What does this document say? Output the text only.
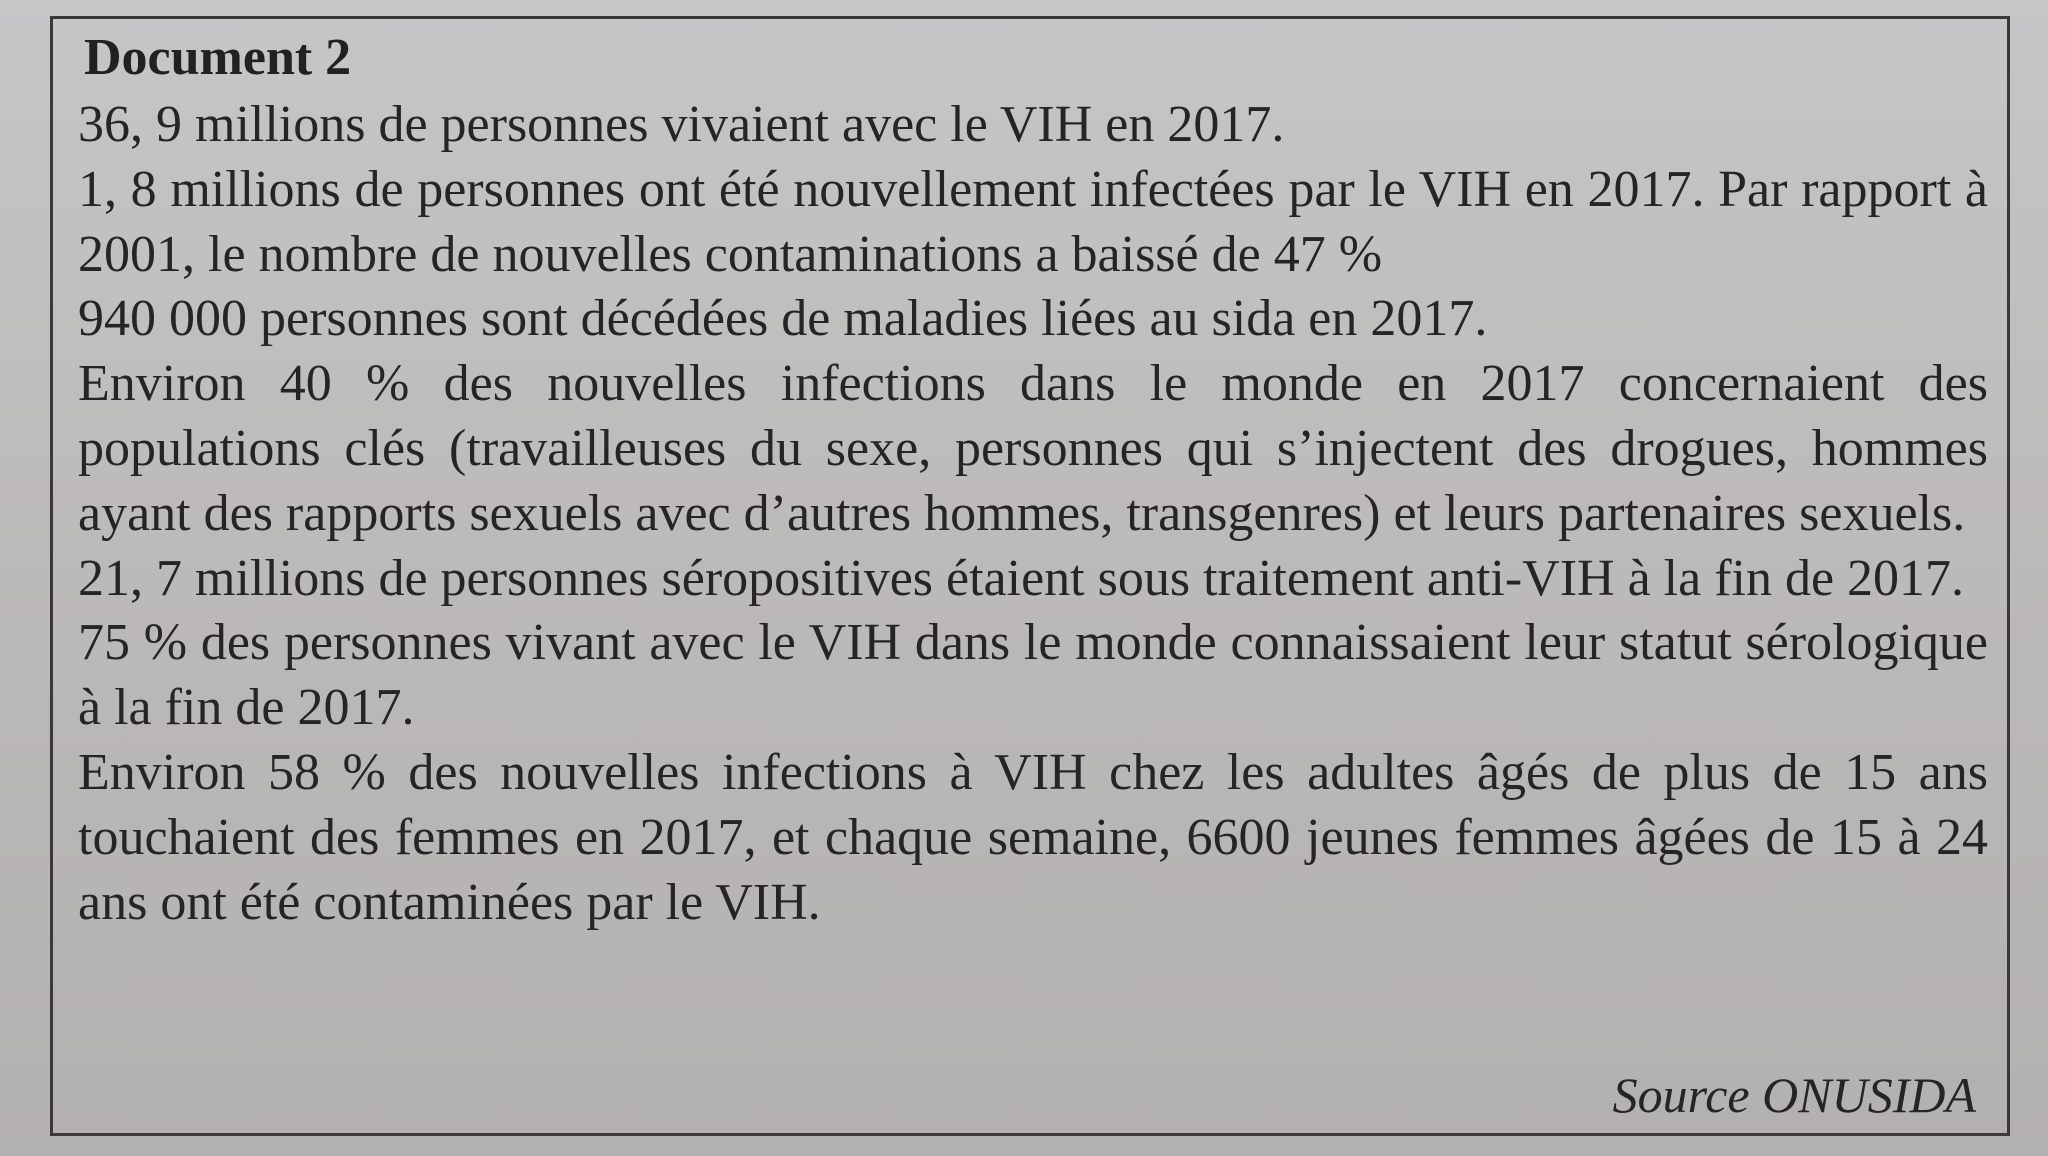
Document 2

36, 9 millions de personnes vivaient avec le VIH en 2017.

1, 8 millions de personnes ont été nouvellement infectées par le VIH en 2017. Par rapport à 2001, le nombre de nouvelles contaminations a baissé de 47 %

940 000 personnes sont décédées de maladies liées au sida en 2017.

Environ 40 % des nouvelles infections dans le monde en 2017 concernaient des populations clés (travailleuses du sexe, personnes qui s’injectent des drogues, hommes ayant des rapports sexuels avec d’autres hommes, transgenres) et leurs partenaires sexuels.

21, 7 millions de personnes séropositives étaient sous traitement anti-VIH à la fin de 2017.

75 % des personnes vivant avec le VIH dans le monde connaissaient leur statut sérologique à la fin de 2017.

Environ 58 % des nouvelles infections à VIH chez les adultes âgés de plus de 15 ans touchaient des femmes en 2017, et chaque semaine, 6600 jeunes femmes âgées de 15 à 24 ans ont été contaminées par le VIH.

Source ONUSIDA
